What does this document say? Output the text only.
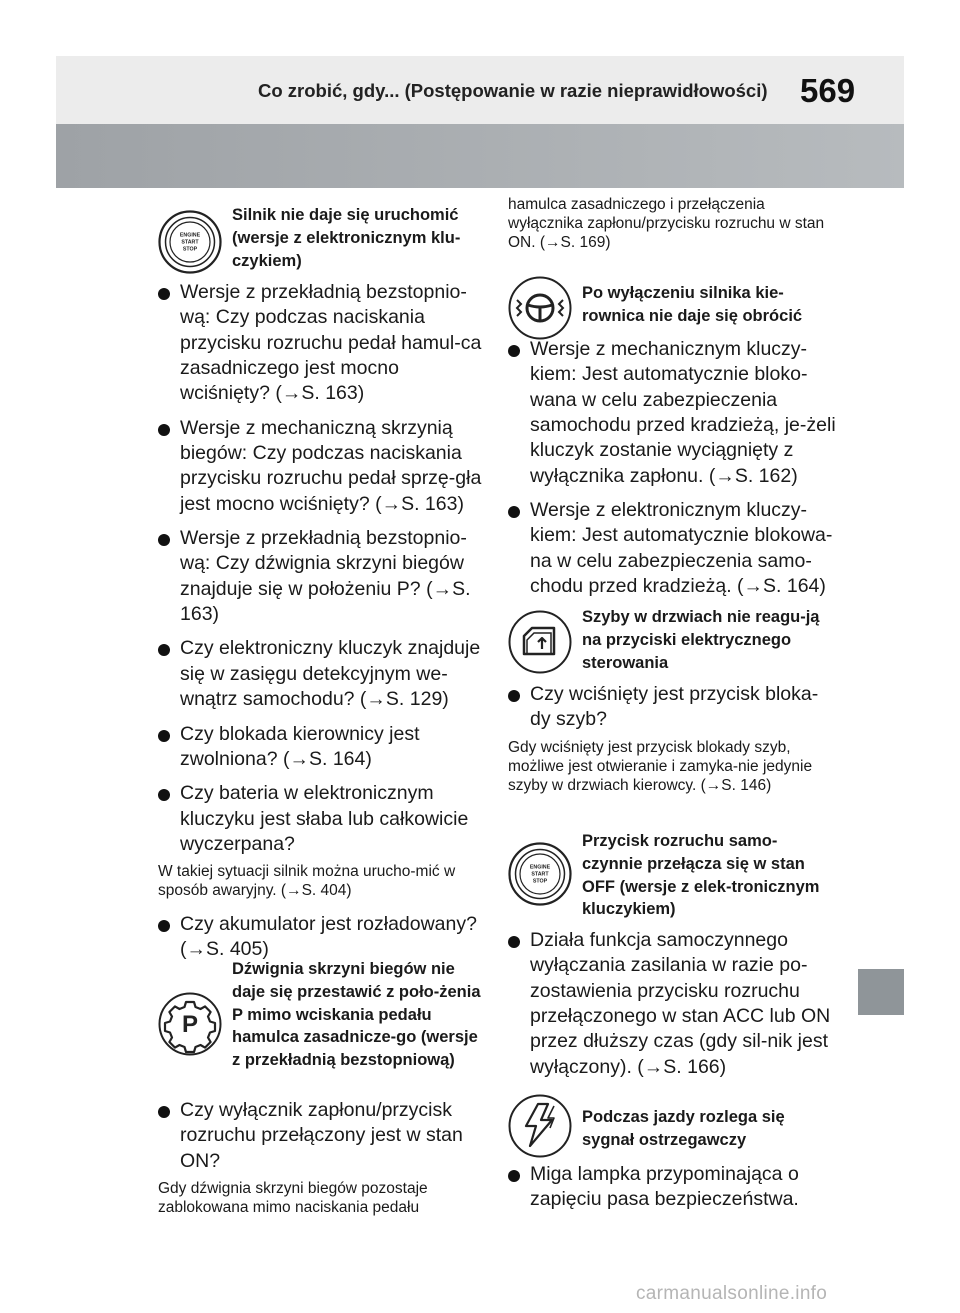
Co zrobić, gdy... (Postępowanie w razie nieprawidłowości) 569
ENGINE
START
STOP
Silnik nie daje się uruchomić (wersje z elektronicznym klu-czykiem)
Wersje z przekładnią bezstopnio-wą: Czy podczas naciskania przycisku rozruchu pedał hamul-ca zasadniczego jest mocno wciśnięty? (→S. 163)
Wersje z mechaniczną skrzynią biegów: Czy podczas naciskania przycisku rozruchu pedał sprzę-gła jest mocno wciśnięty? (→S. 163)
Wersje z przekładnią bezstopnio-wą: Czy dźwignia skrzyni biegów znajduje się w położeniu P? (→S. 163)
Czy elektroniczny kluczyk znajduje się w zasięgu detekcyjnym we-wnątrz samochodu? (→S. 129)
Czy blokada kierownicy jest zwolniona? (→S. 164)
Czy bateria w elektronicznym kluczyku jest słaba lub całkowicie wyczerpana?
W takiej sytuacji silnik można urucho-mić w sposób awaryjny. (→S. 404)
Czy akumulator jest rozładowany? (→S. 405)
P
Dźwignia skrzyni biegów nie daje się przestawić z poło-żenia P mimo wciskania pedału hamulca zasadnicze-go (wersje z przekładnią bezstopniową)
Czy wyłącznik zapłonu/przycisk rozruchu przełączony jest w stan ON?
Gdy dźwignia skrzyni biegów pozostaje zablokowana mimo naciskania pedału
hamulca zasadniczego i przełączenia wyłącznika zapłonu/przycisku rozruchu w stan ON. (→S. 169)
Po wyłączeniu silnika kie-rownica nie daje się obrócić
Wersje z mechanicznym kluczy-kiem: Jest automatycznie bloko-wana w celu zabezpieczenia samochodu przed kradzieżą, je-żeli kluczyk zostanie wyciągnięty z wyłącznika zapłonu. (→S. 162)
Wersje z elektronicznym kluczy-kiem: Jest automatycznie blokowa-na w celu zabezpieczenia samo-chodu przed kradzieżą. (→S. 164)
Szyby w drzwiach nie reagu-ją na przyciski elektrycznego sterowania
Czy wciśnięty jest przycisk bloka-dy szyb?
Gdy wciśnięty jest przycisk blokady szyb, możliwe jest otwieranie i zamyka-nie jedynie szyby w drzwiach kierowcy. (→S. 146)
ENGINE
START
STOP
Przycisk rozruchu samo-czynnie przełącza się w stan OFF (wersje z elek-tronicznym kluczykiem)
Działa funkcja samoczynnego wyłączania zasilania w razie po-zostawienia przycisku rozruchu przełączonego w stan ACC lub ON przez dłuższy czas (gdy sil-nik jest wyłączony). (→S. 166)
Podczas jazdy rozlega się sygnał ostrzegawczy
Miga lampka przypominająca o zapięciu pasa bezpieczeństwa.
carmanualsonline.info
